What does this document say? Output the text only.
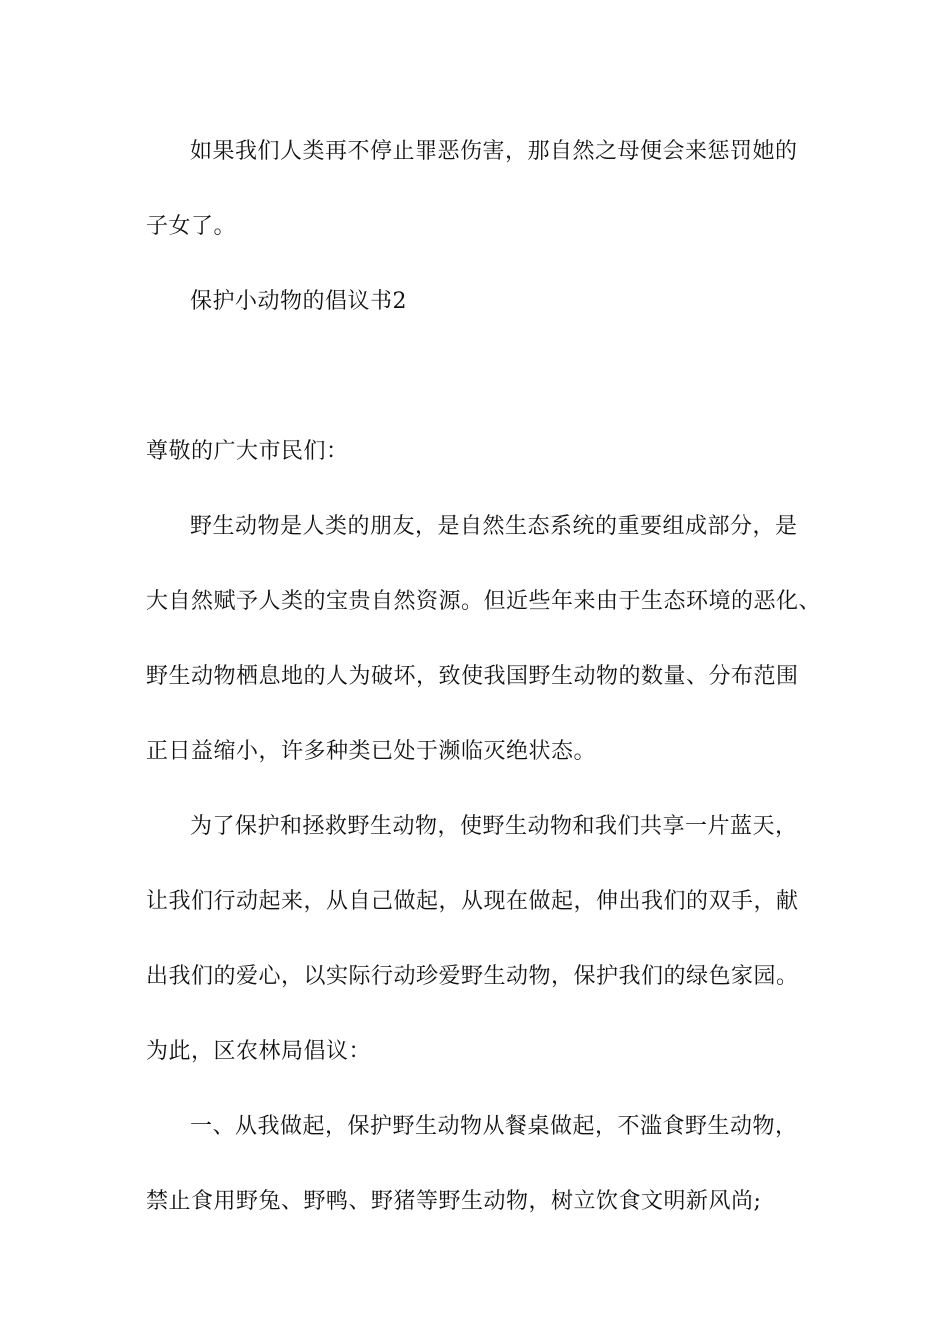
如果我们人类再不停止罪恶伤害，那自然之母便会来惩罚她的
子女了。
保护小动物的倡议书2
尊敬的广大市民们：
野生动物是人类的朋友，是自然生态系统的重要组成部分，是
大自然赋予人类的宝贵自然资源。但近些年来由于生态环境的恶化、
野生动物栖息地的人为破坏，致使我国野生动物的数量、分布范围
正日益缩小，许多种类已处于濒临灭绝状态。
为了保护和拯救野生动物，使野生动物和我们共享一片蓝天，
让我们行动起来，从自己做起，从现在做起，伸出我们的双手，献
出我们的爱心，以实际行动珍爱野生动物，保护我们的绿色家园。
为此，区农林局倡议：
一、从我做起，保护野生动物从餐桌做起，不滥食野生动物，
禁止食用野兔、野鸭、野猪等野生动物，树立饮食文明新风尚;
